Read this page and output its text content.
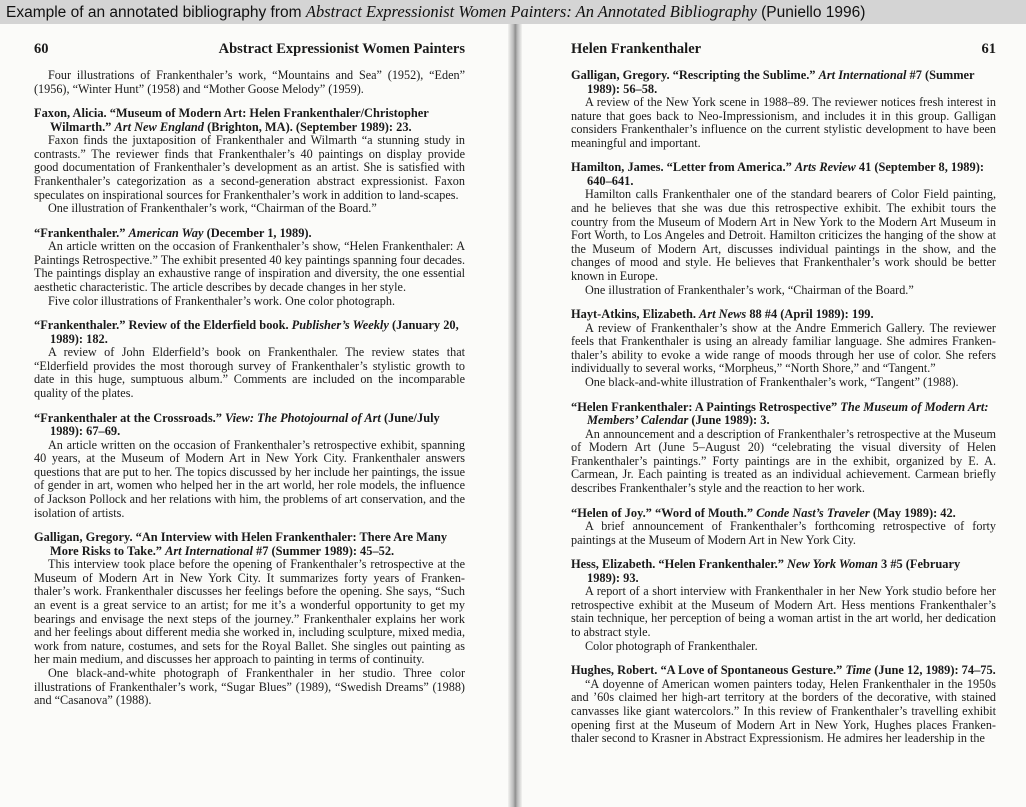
Example of an annotated bibliography from Abstract Expressionist Women Painters: An Annotated Bibliography (Puniello 1996)
60	Abstract Expressionist Women Painters

Four illustrations of Frankenthaler’s work, “Mountains and Sea” (1952), “Eden” (1956), “Winter Hunt” (1958) and “Mother Goose Melody” (1959).

Faxon, Alicia. “Museum of Modern Art: Helen Frankenthaler/Christopher Wilmarth.” Art New England (Brighton, MA). (September 1989): 23.

Faxon finds the juxtaposition of Frankenthaler and Wilmarth “a stunning study in contrasts.” The reviewer finds that Frankenthaler’s 40 paintings on display provide good documentation of Frankenthaler’s development as an artist. She is satisfied with Frankenthaler’s categorization as a second-generation abstract expressionist. Faxon speculates on inspirational sources for Frankenthaler’s work in addition to land-scapes.

One illustration of Frankenthaler’s work, “Chairman of the Board.”

“Frankenthaler.” American Way (December 1, 1989).

An article written on the occasion of Frankenthaler’s show, “Helen Frankenthaler: A Paintings Retrospective.” The exhibit presented 40 key paintings spanning four decades. The paintings display an exhaustive range of inspiration and diversity, the one essential aesthetic characteristic. The article describes by decade changes in her style.

Five color illustrations of Frankenthaler’s work. One color photograph.

“Frankenthaler.” Review of the Elderfield book. Publisher’s Weekly (January 20, 1989): 182.

A review of John Elderfield’s book on Frankenthaler. The review states that “Elderfield provides the most thorough survey of Frankenthaler’s stylistic growth to date in this huge, sumptuous album.” Comments are included on the incomparable quality of the plates.

“Frankenthaler at the Crossroads.” View: The Photojournal of Art (June/July 1989): 67–69.

An article written on the occasion of Frankenthaler’s retrospective exhibit, spanning 40 years, at the Museum of Modern Art in New York City. Frankenthaler answers questions that are put to her. The topics discussed by her include her paintings, the issue of gender in art, women who helped her in the art world, her role models, the influence of Jackson Pollock and her relations with him, the problems of art conservation, and the isolation of artists.

Galligan, Gregory. “An Interview with Helen Frankenthaler: There Are Many More Risks to Take.” Art International #7 (Summer 1989): 45–52.

This interview took place before the opening of Frankenthaler’s retrospective at the Museum of Modern Art in New York City. It summarizes forty years of Franken-thaler’s work. Frankenthaler discusses her feelings before the opening. She says, “Such an event is a great service to an artist; for me it’s a wonderful opportunity to get my bearings and envisage the next steps of the journey.” Frankenthaler explains her work and her feelings about different media she worked in, including sculpture, mixed media, work from nature, costumes, and sets for the Royal Ballet. She singles out painting as her main medium, and discusses her approach to painting in terms of continuity.

One black-and-white photograph of Frankenthaler in her studio. Three color illustrations of Frankenthaler’s work, “Sugar Blues” (1989), “Swedish Dreams” (1988) and “Casanova” (1988).

Helen Frankenthaler	61
Galligan, Gregory. “Rescripting the Sublime.” Art International #7 (Summer 1989): 56–58.

A review of the New York scene in 1988–89. The reviewer notices fresh interest in nature that goes back to Neo-Impressionism, and includes it in this group. Galligan considers Frankenthaler’s influence on the current stylistic development to have been meaningful and important.

Hamilton, James. “Letter from America.” Arts Review 41 (September 8, 1989): 640–641.

Hamilton calls Frankenthaler one of the standard bearers of Color Field painting, and he believes that she was due this retrospective exhibit. The exhibit tours the country from the Museum of Modern Art in New York to the Modern Art Museum in Fort Worth, to Los Angeles and Detroit. Hamilton criticizes the hanging of the show at the Museum of Modern Art, discusses individual paintings in the show, and the changes of mood and style. He believes that Frankenthaler’s work should be better known in Europe.

One illustration of Frankenthaler’s work, “Chairman of the Board.”

Hayt-Atkins, Elizabeth. Art News 88 #4 (April 1989): 199.

A review of Frankenthaler’s show at the Andre Emmerich Gallery. The reviewer feels that Frankenthaler is using an already familiar language. She admires Franken-thaler’s ability to evoke a wide range of moods through her use of color. She refers individually to several works, “Morpheus,” “North Shore,” and “Tangent.”

One black-and-white illustration of Frankenthaler’s work, “Tangent” (1988).

“Helen Frankenthaler: A Paintings Retrospective” The Museum of Modern Art: Members’ Calendar (June 1989): 3.

An announcement and a description of Frankenthaler’s retrospective at the Museum of Modern Art (June 5–August 20) “celebrating the visual diversity of Helen Frankenthaler’s paintings.” Forty paintings are in the exhibit, organized by E. A. Carmean, Jr. Each painting is treated as an individual achievement. Carmean briefly describes Frankenthaler’s style and the reaction to her work.

“Helen of Joy.” “Word of Mouth.” Conde Nast’s Traveler (May 1989): 42.

A brief announcement of Frankenthaler’s forthcoming retrospective of forty paintings at the Museum of Modern Art in New York City.

Hess, Elizabeth. “Helen Frankenthaler.” New York Woman 3 #5 (February 1989): 93.

A report of a short interview with Frankenthaler in her New York studio before her retrospective exhibit at the Museum of Modern Art. Hess mentions Frankenthaler’s stain technique, her perception of being a woman artist in the art world, her dedication to abstract style.

Color photograph of Frankenthaler.

Hughes, Robert. “A Love of Spontaneous Gesture.” Time (June 12, 1989): 74–75.

“A doyenne of American women painters today, Helen Frankenthaler in the 1950s and ’60s claimed her high-art territory at the borders of the decorative, with stained canvasses like giant watercolors.” In this review of Frankenthaler’s travelling exhibit opening first at the Museum of Modern Art in New York, Hughes places Franken-thaler second to Krasner in Abstract Expressionism. He admires her leadership in the
